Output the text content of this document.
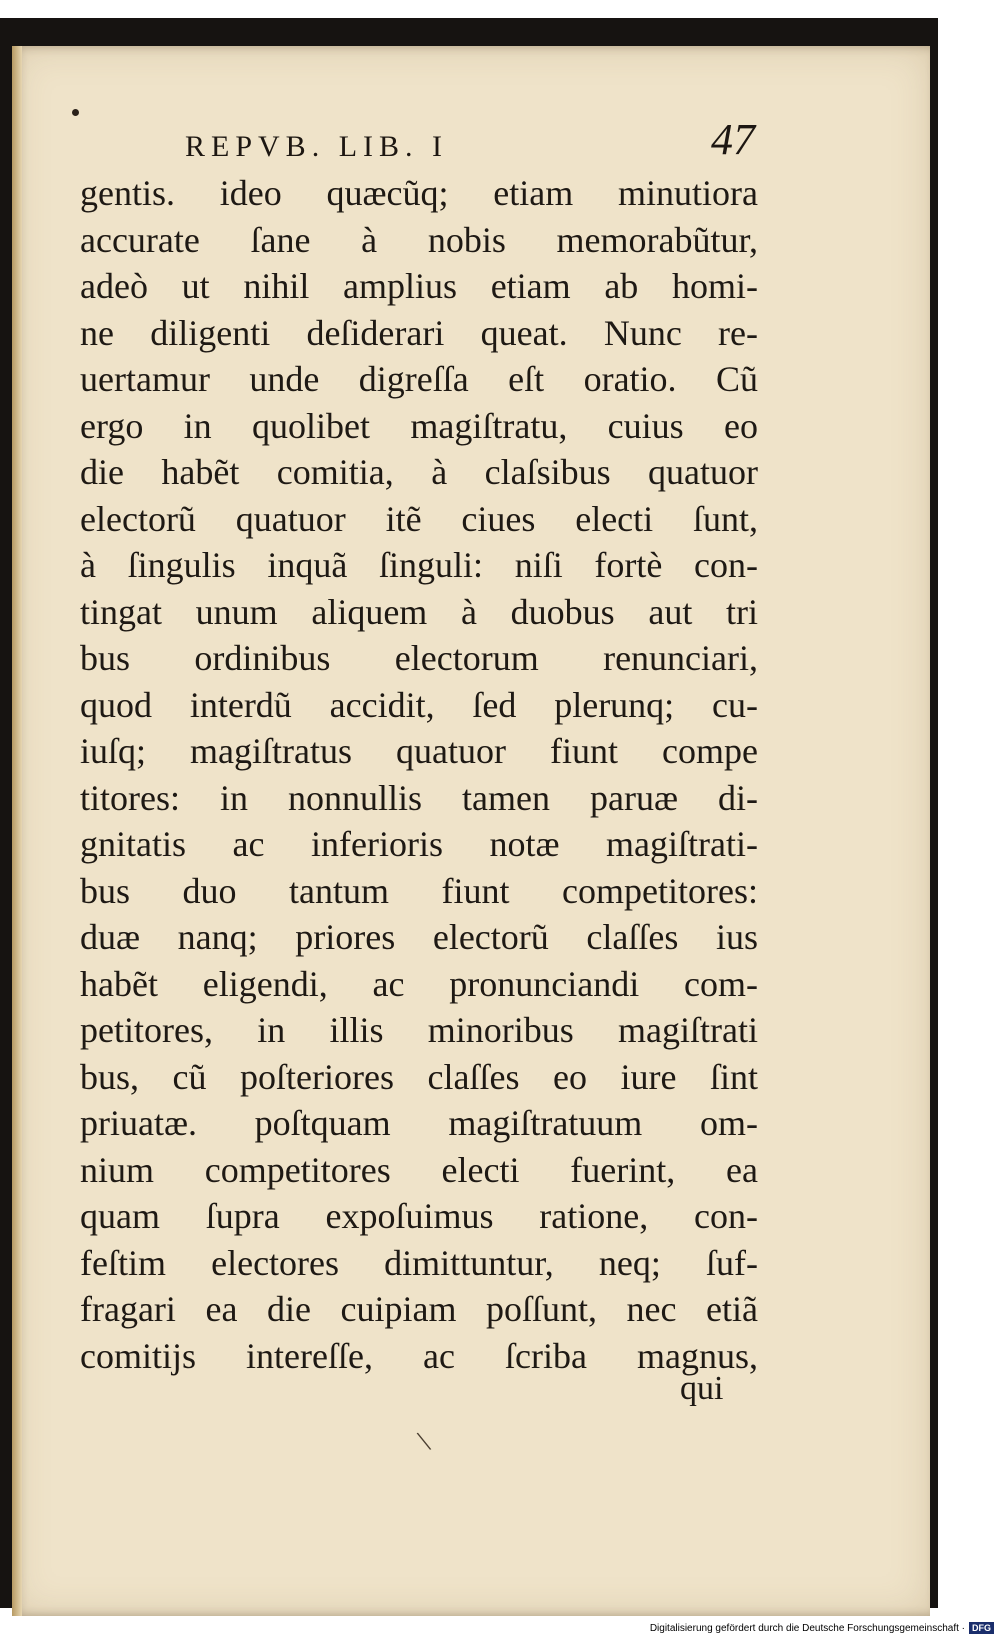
REPVB. LIB. I	47
gentis. ideo quæcũq; etiam minutiora
accurate ſane à nobis memorabũtur,
adeò ut nihil amplius etiam ab homi-
ne diligenti deſiderari queat. Nunc re-
uertamur unde digreſſa eſt oratio. Cũ
ergo in quolibet magiſtratu, cuius eo
die habẽt comitia, à claſsibus quatuor
electorũ quatuor itẽ ciues electi ſunt,
à ſingulis inquã ſinguli: niſi fortè con-
tingat unum aliquem à duobus aut tri
bus ordinibus electorum renunciari,
quod interdũ accidit, ſed plerunq; cu-
iuſq; magiſtratus quatuor fiunt compe
titores: in nonnullis tamen paruæ di-
gnitatis ac inferioris notæ magiſtrati-
bus duo tantum fiunt competitores:
duæ nanq; priores electorũ claſſes ius
habẽt eligendi, ac pronunciandi com-
petitores, in illis minoribus magiſtrati
bus, cũ poſteriores claſſes eo iure ſint
priuatæ. poſtquam magiſtratuum om-
nium competitores electi fuerint, ea
quam ſupra expoſuimus ratione, con-
feſtim electores dimittuntur, neq; ſuf-
fragari ea die cuipiam poſſunt, nec etiã
comitijs intereſſe, ac ſcriba magnus,
qui
\
Digitalisierung gefördert durch die Deutsche Forschungsgemeinschaft · DFG
